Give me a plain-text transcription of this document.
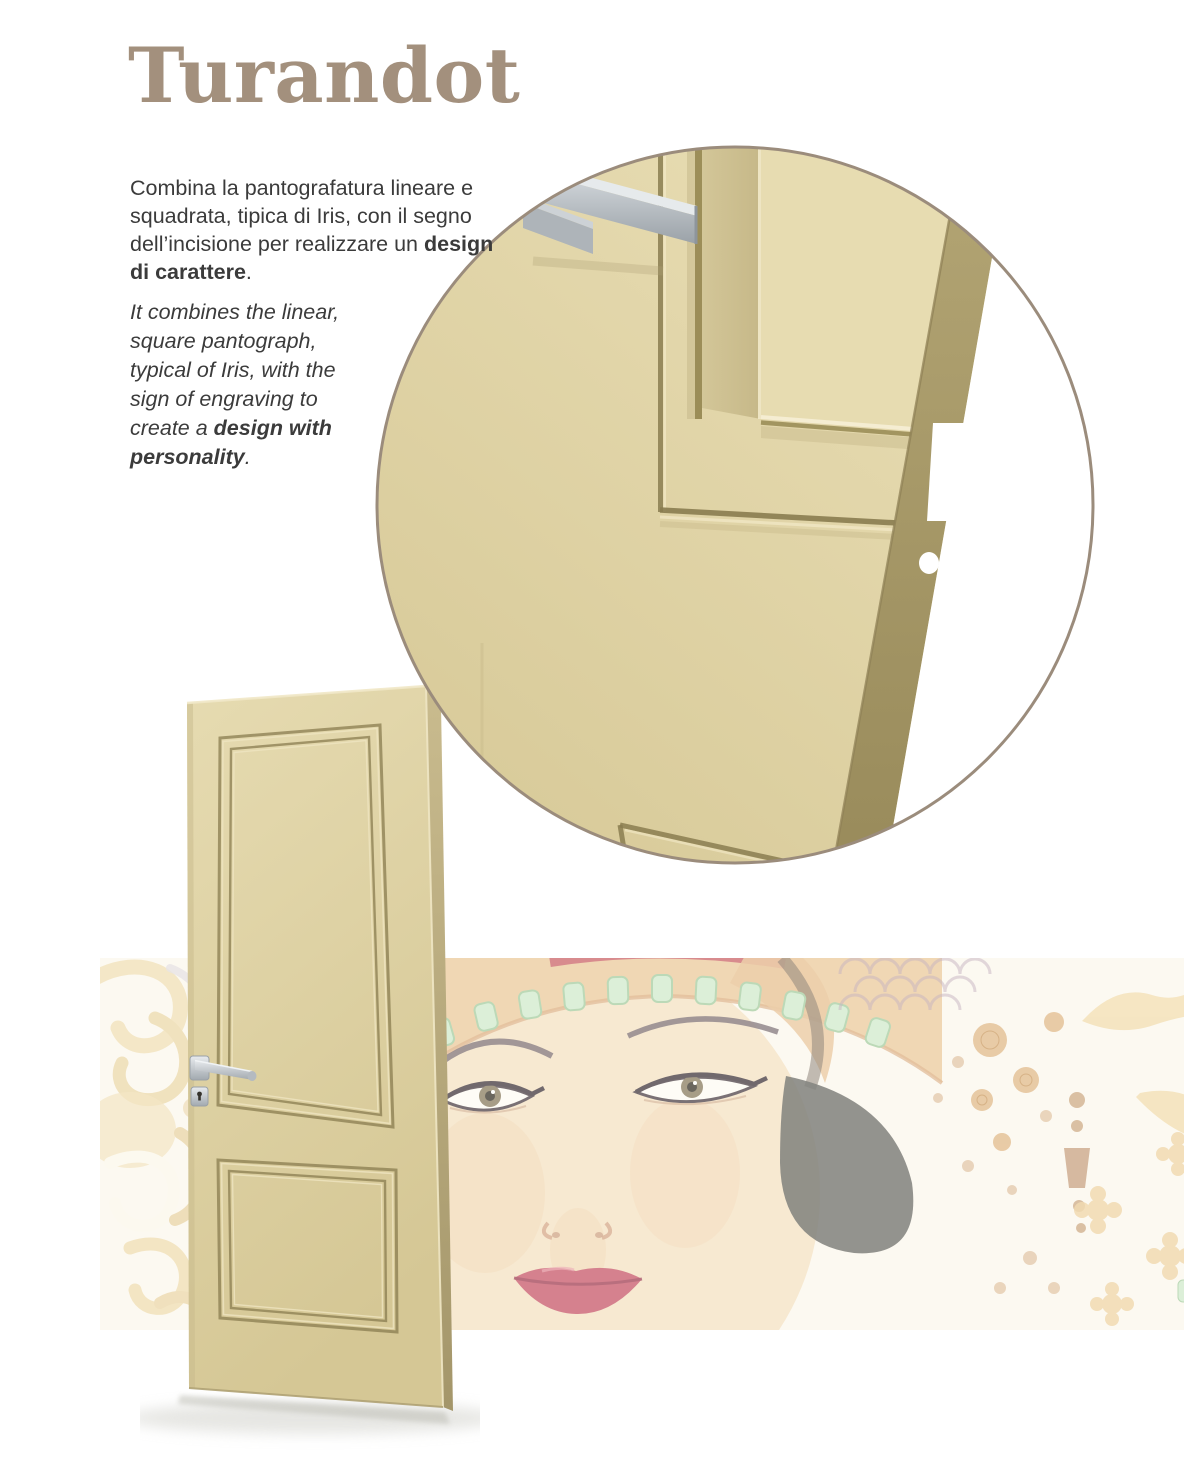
Turandot

Combina la pantografatura lineare e squadrata, tipica di Iris, con il segno dell’incisione per realizzare un design di carattere.

It combines the linear, square pantograph, typical of Iris, with the sign of engraving to create a design with personality.
